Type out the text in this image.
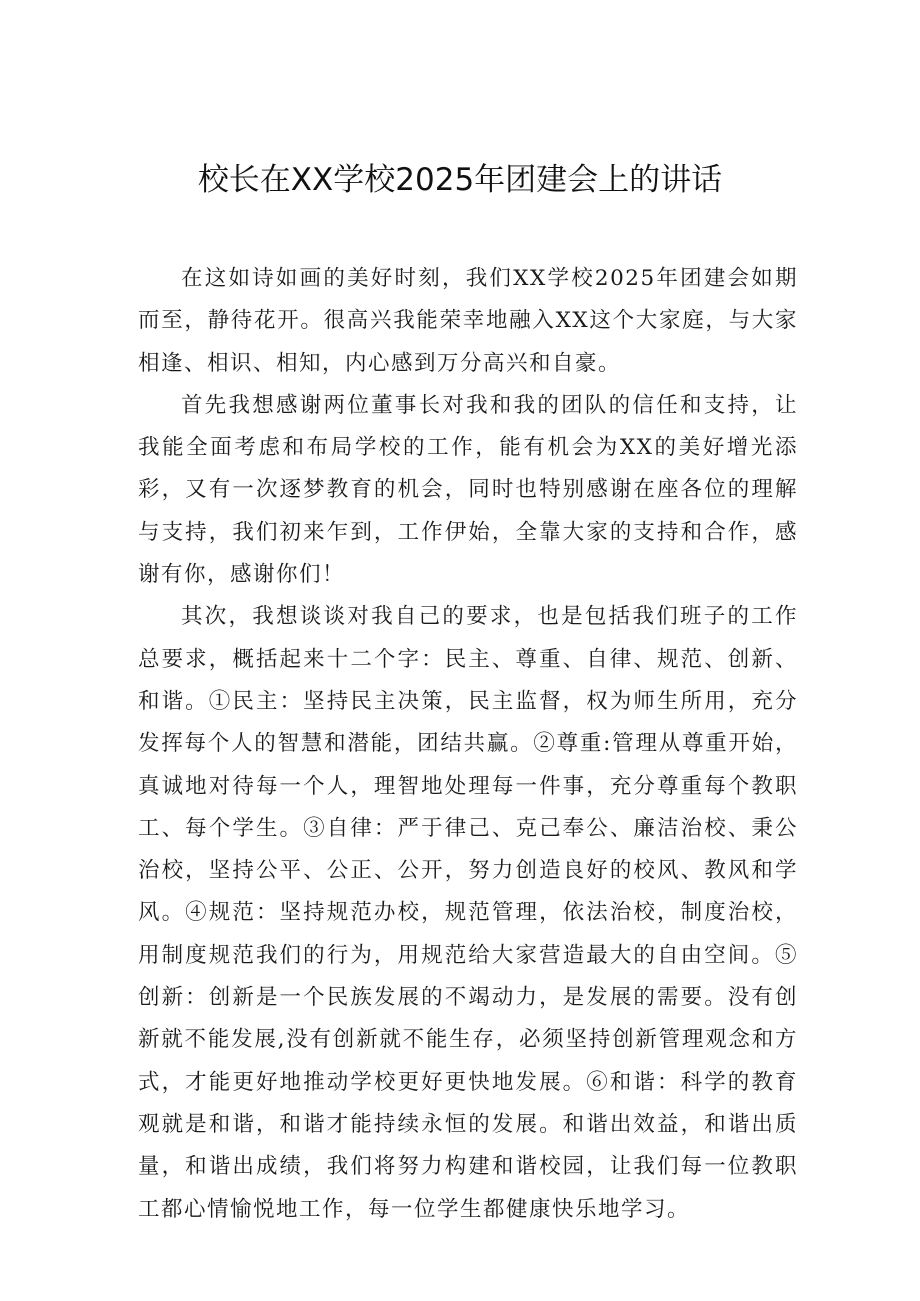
校长在XX学校2025年团建会上的讲话

在这如诗如画的美好时刻，我们XX学校2025年团建会如期而至，静待花开。很高兴我能荣幸地融入XX这个大家庭，与大家相逢、相识、相知，内心感到万分高兴和自豪。

首先我想感谢两位董事长对我和我的团队的信任和支持，让我能全面考虑和布局学校的工作，能有机会为XX的美好增光添彩，又有一次逐梦教育的机会，同时也特别感谢在座各位的理解与支持，我们初来乍到，工作伊始，全靠大家的支持和合作，感谢有你，感谢你们！

其次，我想谈谈对我自己的要求，也是包括我们班子的工作总要求，概括起来十二个字：民主、尊重、自律、规范、创新、和谐。①民主：坚持民主决策，民主监督，权为师生所用，充分发挥每个人的智慧和潜能，团结共赢。②尊重:管理从尊重开始，真诚地对待每一个人，理智地处理每一件事，充分尊重每个教职工、每个学生。③自律：严于律己、克己奉公、廉洁治校、秉公治校，坚持公平、公正、公开，努力创造良好的校风、教风和学风。④规范：坚持规范办校，规范管理，依法治校，制度治校，用制度规范我们的行为，用规范给大家营造最大的自由空间。⑤创新：创新是一个民族发展的不竭动力，是发展的需要。没有创新就不能发展,没有创新就不能生存，必须坚持创新管理观念和方式，才能更好地推动学校更好更快地发展。⑥和谐：科学的教育观就是和谐，和谐才能持续永恒的发展。和谐出效益，和谐出质量，和谐出成绩，我们将努力构建和谐校园，让我们每一位教职工都心情愉悦地工作，每一位学生都健康快乐地学习。
